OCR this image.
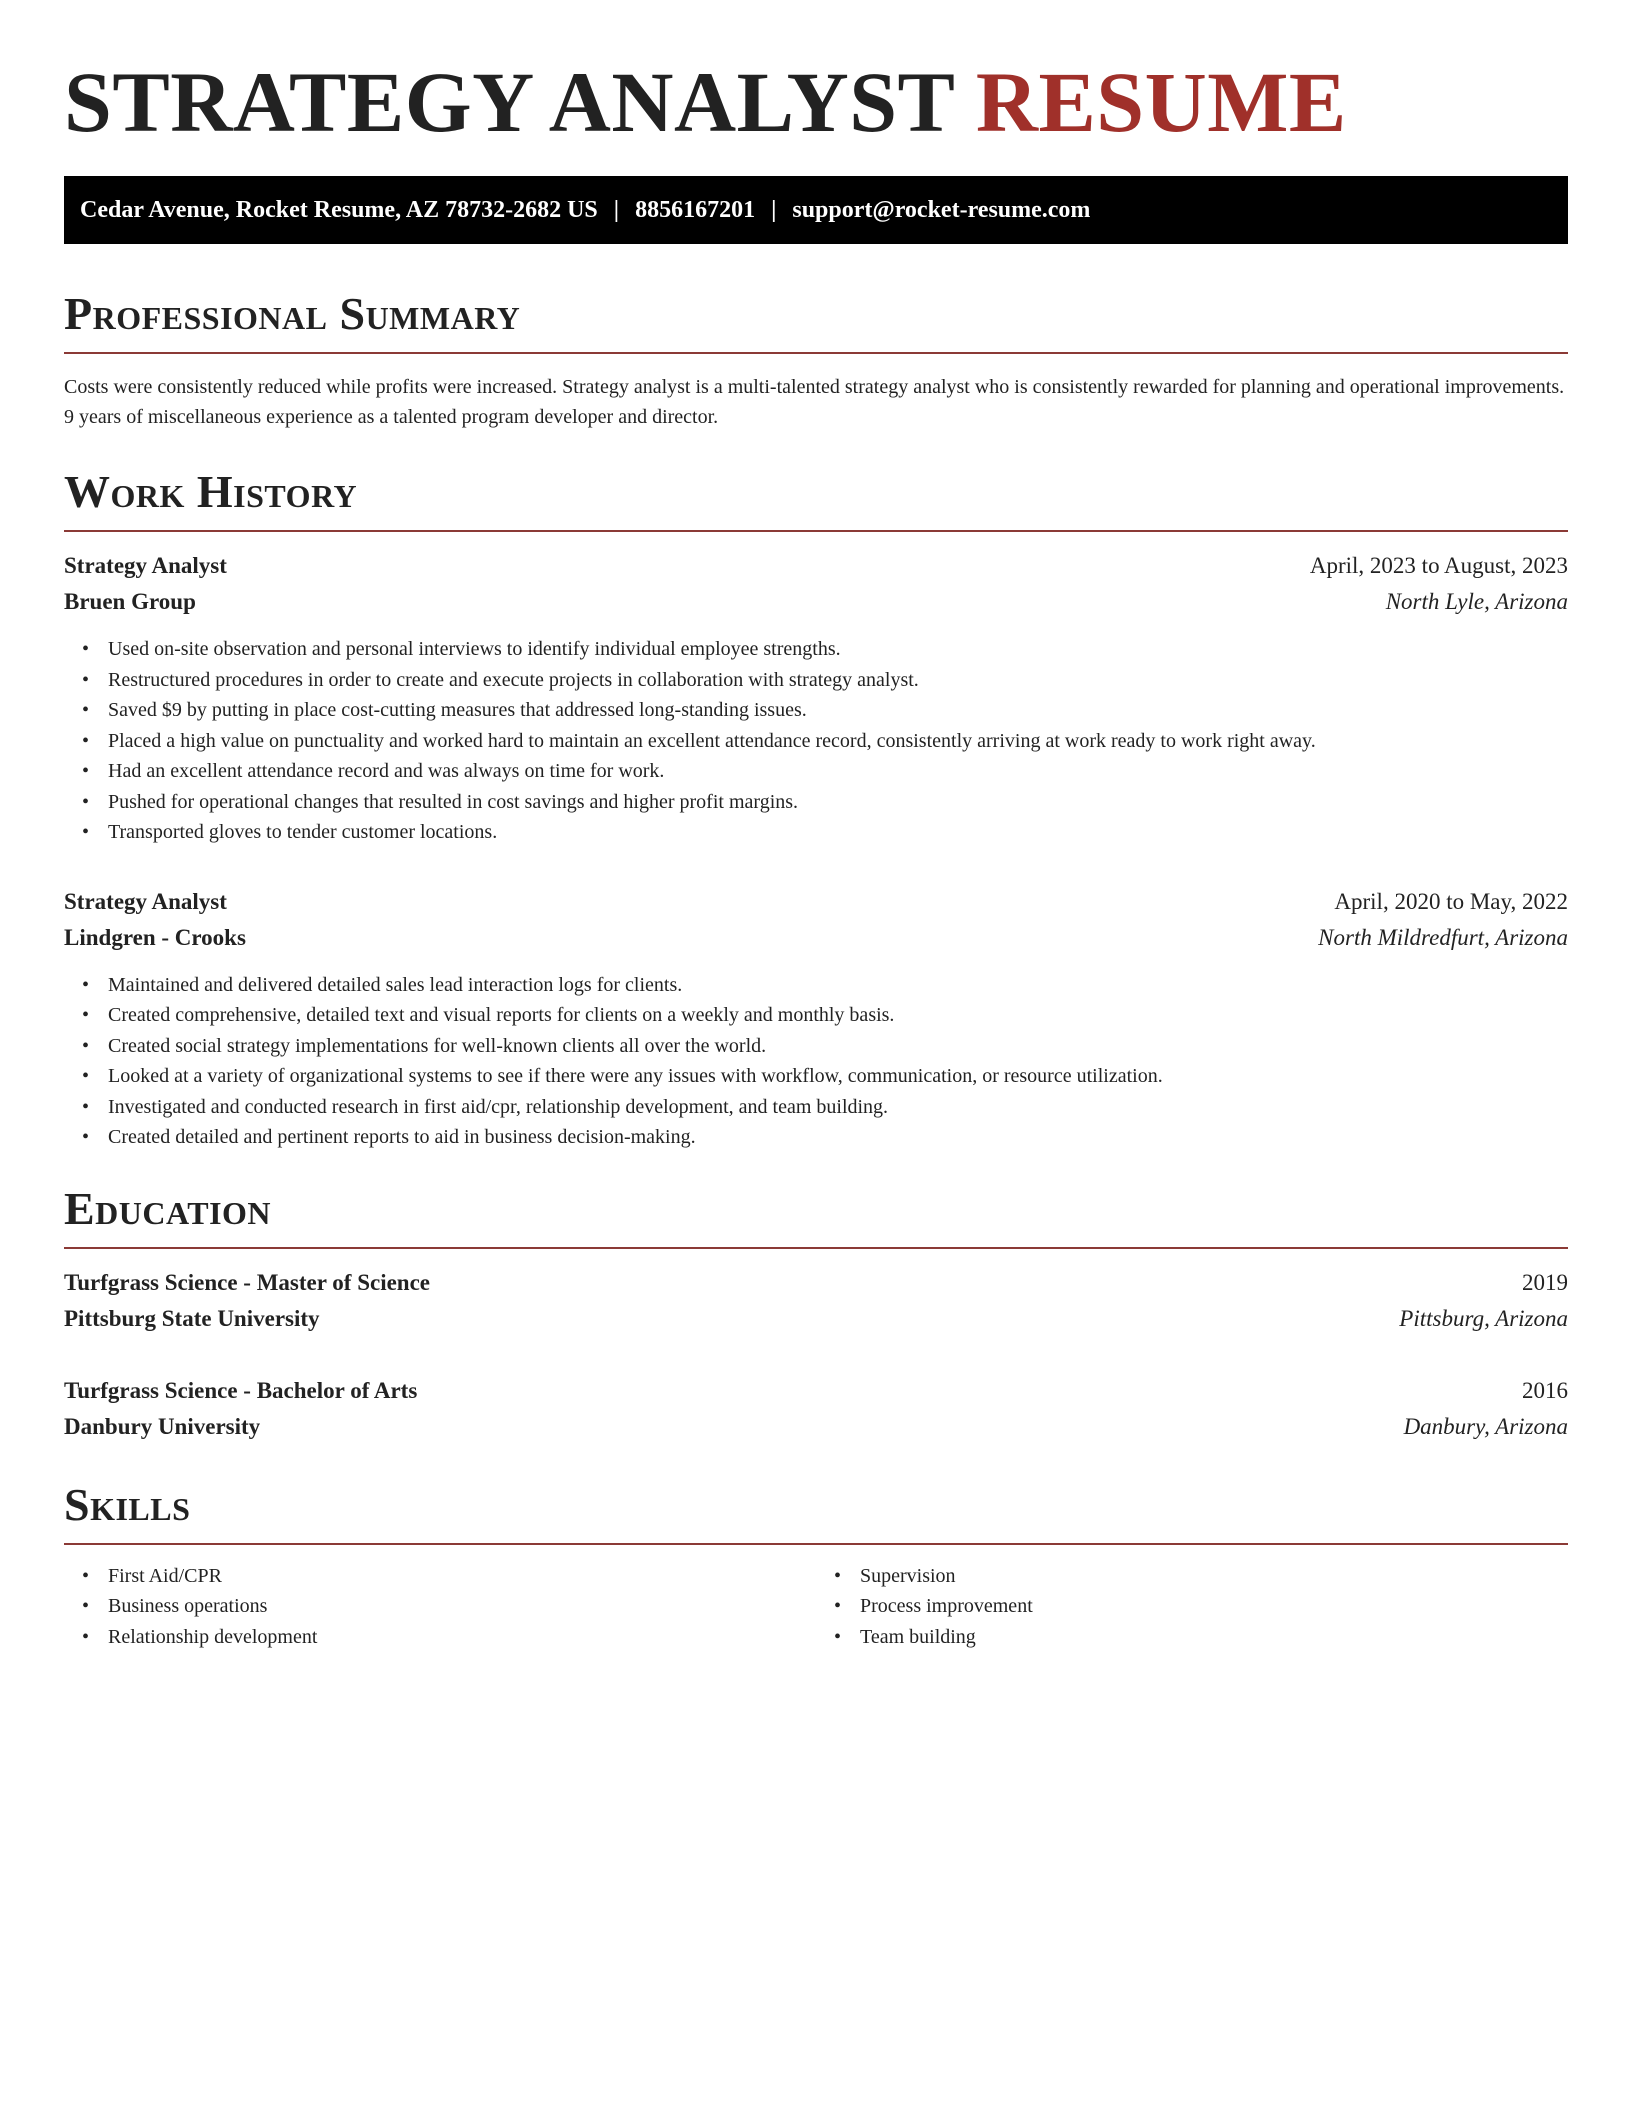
STRATEGY ANALYST RESUME
Cedar Avenue, Rocket Resume, AZ 78732-2682 US | 8856167201 | support@rocket-resume.com
Professional Summary

Costs were consistently reduced while profits were increased. Strategy analyst is a multi-talented strategy analyst who is consistently rewarded for planning and operational improvements. 9 years of miscellaneous experience as a talented program developer and director.

Work History
Strategy Analyst	April, 2023 to August, 2023
Bruen Group	North Lyle, Arizona
• Used on-site observation and personal interviews to identify individual employee strengths.
• Restructured procedures in order to create and execute projects in collaboration with strategy analyst.
• Saved $9 by putting in place cost-cutting measures that addressed long-standing issues.
• Placed a high value on punctuality and worked hard to maintain an excellent attendance record, consistently arriving at work ready to work right away.
• Had an excellent attendance record and was always on time for work.
• Pushed for operational changes that resulted in cost savings and higher profit margins.
• Transported gloves to tender customer locations.
Strategy Analyst	April, 2020 to May, 2022
Lindgren - Crooks	North Mildredfurt, Arizona
• Maintained and delivered detailed sales lead interaction logs for clients.
• Created comprehensive, detailed text and visual reports for clients on a weekly and monthly basis.
• Created social strategy implementations for well-known clients all over the world.
• Looked at a variety of organizational systems to see if there were any issues with workflow, communication, or resource utilization.
• Investigated and conducted research in first aid/cpr, relationship development, and team building.
• Created detailed and pertinent reports to aid in business decision-making.
Education
Turfgrass Science - Master of Science	2019
Pittsburg State University	Pittsburg, Arizona
Turfgrass Science - Bachelor of Arts	2016
Danbury University	Danbury, Arizona
Skills
• First Aid/CPR
• Business operations
• Relationship development
• Supervision
• Process improvement
• Team building
